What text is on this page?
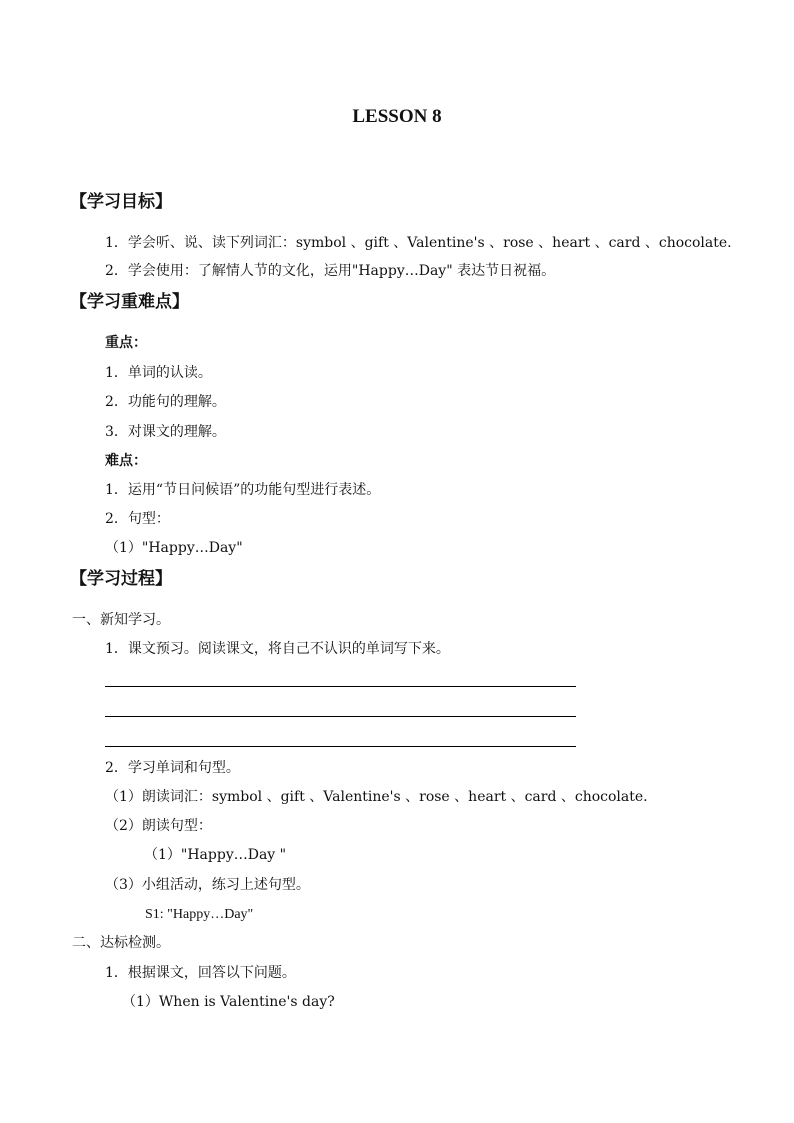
LESSON 8
【学习目标】
1．学会听、说、读下列词汇：symbol 、gift 、Valentine's 、rose 、heart 、card 、chocolate.
2．学会使用：了解情人节的文化，运用"Happy…Day" 表达节日祝福。
【学习重难点】
重点：
1．单词的认读。
2．功能句的理解。
3．对课文的理解。
难点：
1．运用“节日问候语”的功能句型进行表述。
2．句型：
（1）"Happy…Day"
【学习过程】
一、新知学习。
1．课文预习。阅读课文，将自己不认识的单词写下来。
2．学习单词和句型。
（1）朗读词汇：symbol 、gift 、Valentine's 、rose 、heart 、card 、chocolate.
（2）朗读句型：
（1）"Happy…Day "
（3）小组活动，练习上述句型。
S1: "Happy…Day"
二、达标检测。
1．根据课文，回答以下问题。
（1）When is Valentine's day?
